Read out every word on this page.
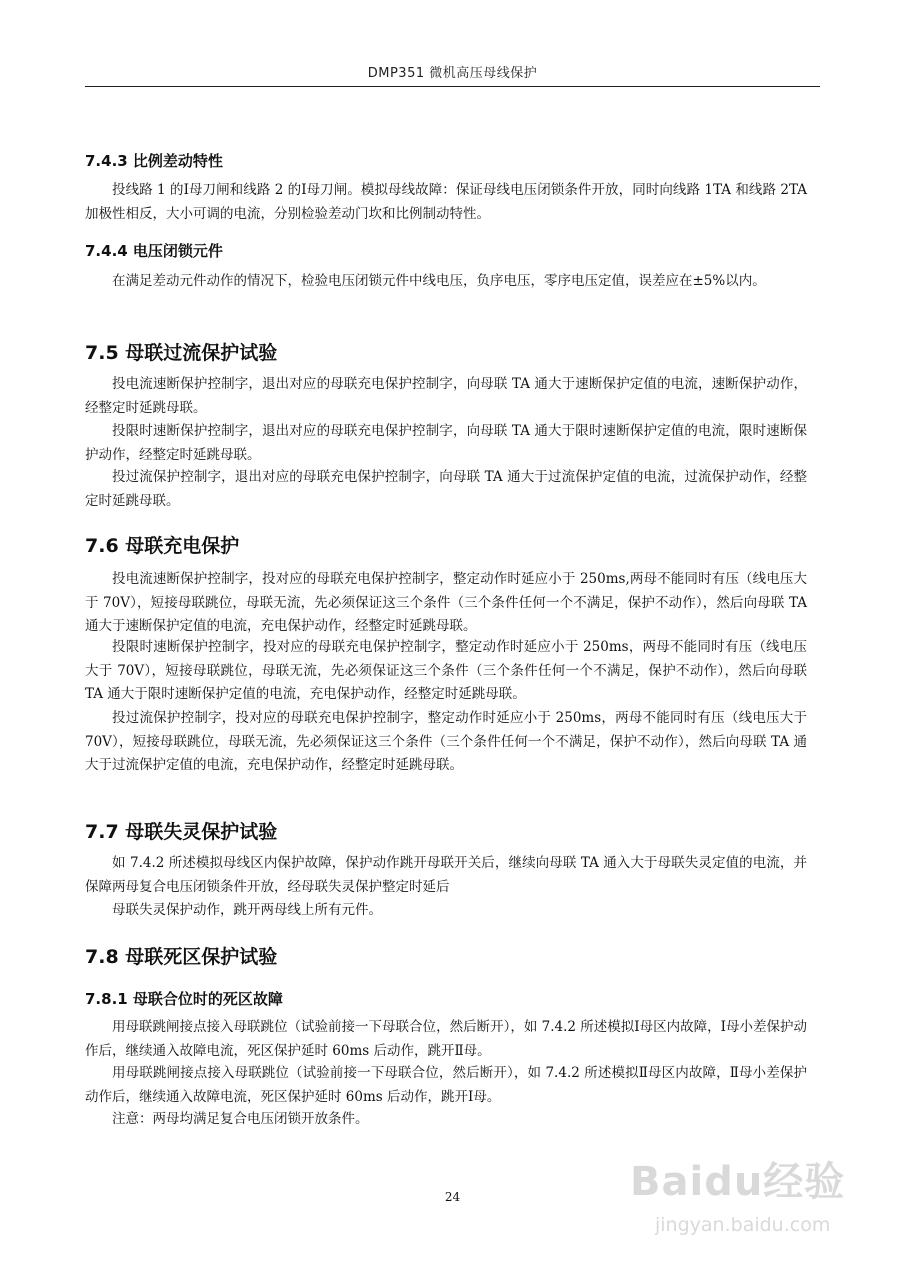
DMP351 微机高压母线保护
7.4.3 比例差动特性
投线路 1 的Ⅰ母刀闸和线路 2 的Ⅰ母刀闸。模拟母线故障：保证母线电压闭锁条件开放，同时向线路 1TA 和线路 2TA 加极性相反，大小可调的电流，分别检验差动门坎和比例制动特性。
7.4.4 电压闭锁元件
在满足差动元件动作的情况下，检验电压闭锁元件中线电压，负序电压，零序电压定值，误差应在±5%以内。
7.5 母联过流保护试验
投电流速断保护控制字，退出对应的母联充电保护控制字，向母联 TA 通大于速断保护定值的电流，速断保护动作，经整定时延跳母联。
投限时速断保护控制字，退出对应的母联充电保护控制字，向母联 TA 通大于限时速断保护定值的电流，限时速断保护动作，经整定时延跳母联。
投过流保护控制字，退出对应的母联充电保护控制字，向母联 TA 通大于过流保护定值的电流，过流保护动作，经整定时延跳母联。
7.6 母联充电保护
投电流速断保护控制字，投对应的母联充电保护控制字，整定动作时延应小于 250ms,两母不能同时有压（线电压大于 70V），短接母联跳位，母联无流，先必须保证这三个条件（三个条件任何一个不满足，保护不动作），然后向母联 TA 通大于速断保护定值的电流，充电保护动作，经整定时延跳母联。
投限时速断保护控制字，投对应的母联充电保护控制字，整定动作时延应小于 250ms，两母不能同时有压（线电压大于 70V），短接母联跳位，母联无流，先必须保证这三个条件（三个条件任何一个不满足，保护不动作），然后向母联 TA 通大于限时速断保护定值的电流，充电保护动作，经整定时延跳母联。
投过流保护控制字，投对应的母联充电保护控制字，整定动作时延应小于 250ms，两母不能同时有压（线电压大于 70V），短接母联跳位，母联无流，先必须保证这三个条件（三个条件任何一个不满足，保护不动作），然后向母联 TA 通大于过流保护定值的电流，充电保护动作，经整定时延跳母联。
7.7 母联失灵保护试验
如 7.4.2 所述模拟母线区内保护故障，保护动作跳开母联开关后，继续向母联 TA 通入大于母联失灵定值的电流，并保障两母复合电压闭锁条件开放，经母联失灵保护整定时延后
母联失灵保护动作，跳开两母线上所有元件。
7.8 母联死区保护试验
7.8.1 母联合位时的死区故障
用母联跳闸接点接入母联跳位（试验前接一下母联合位，然后断开），如 7.4.2 所述模拟Ⅰ母区内故障，Ⅰ母小差保护动作后，继续通入故障电流，死区保护延时 60ms 后动作，跳开Ⅱ母。
用母联跳闸接点接入母联跳位（试验前接一下母联合位，然后断开），如 7.4.2 所述模拟Ⅱ母区内故障，Ⅱ母小差保护动作后，继续通入故障电流，死区保护延时 60ms 后动作，跳开Ⅰ母。
注意：两母均满足复合电压闭锁开放条件。
24	Baidu经验
jingyan.baidu.com
